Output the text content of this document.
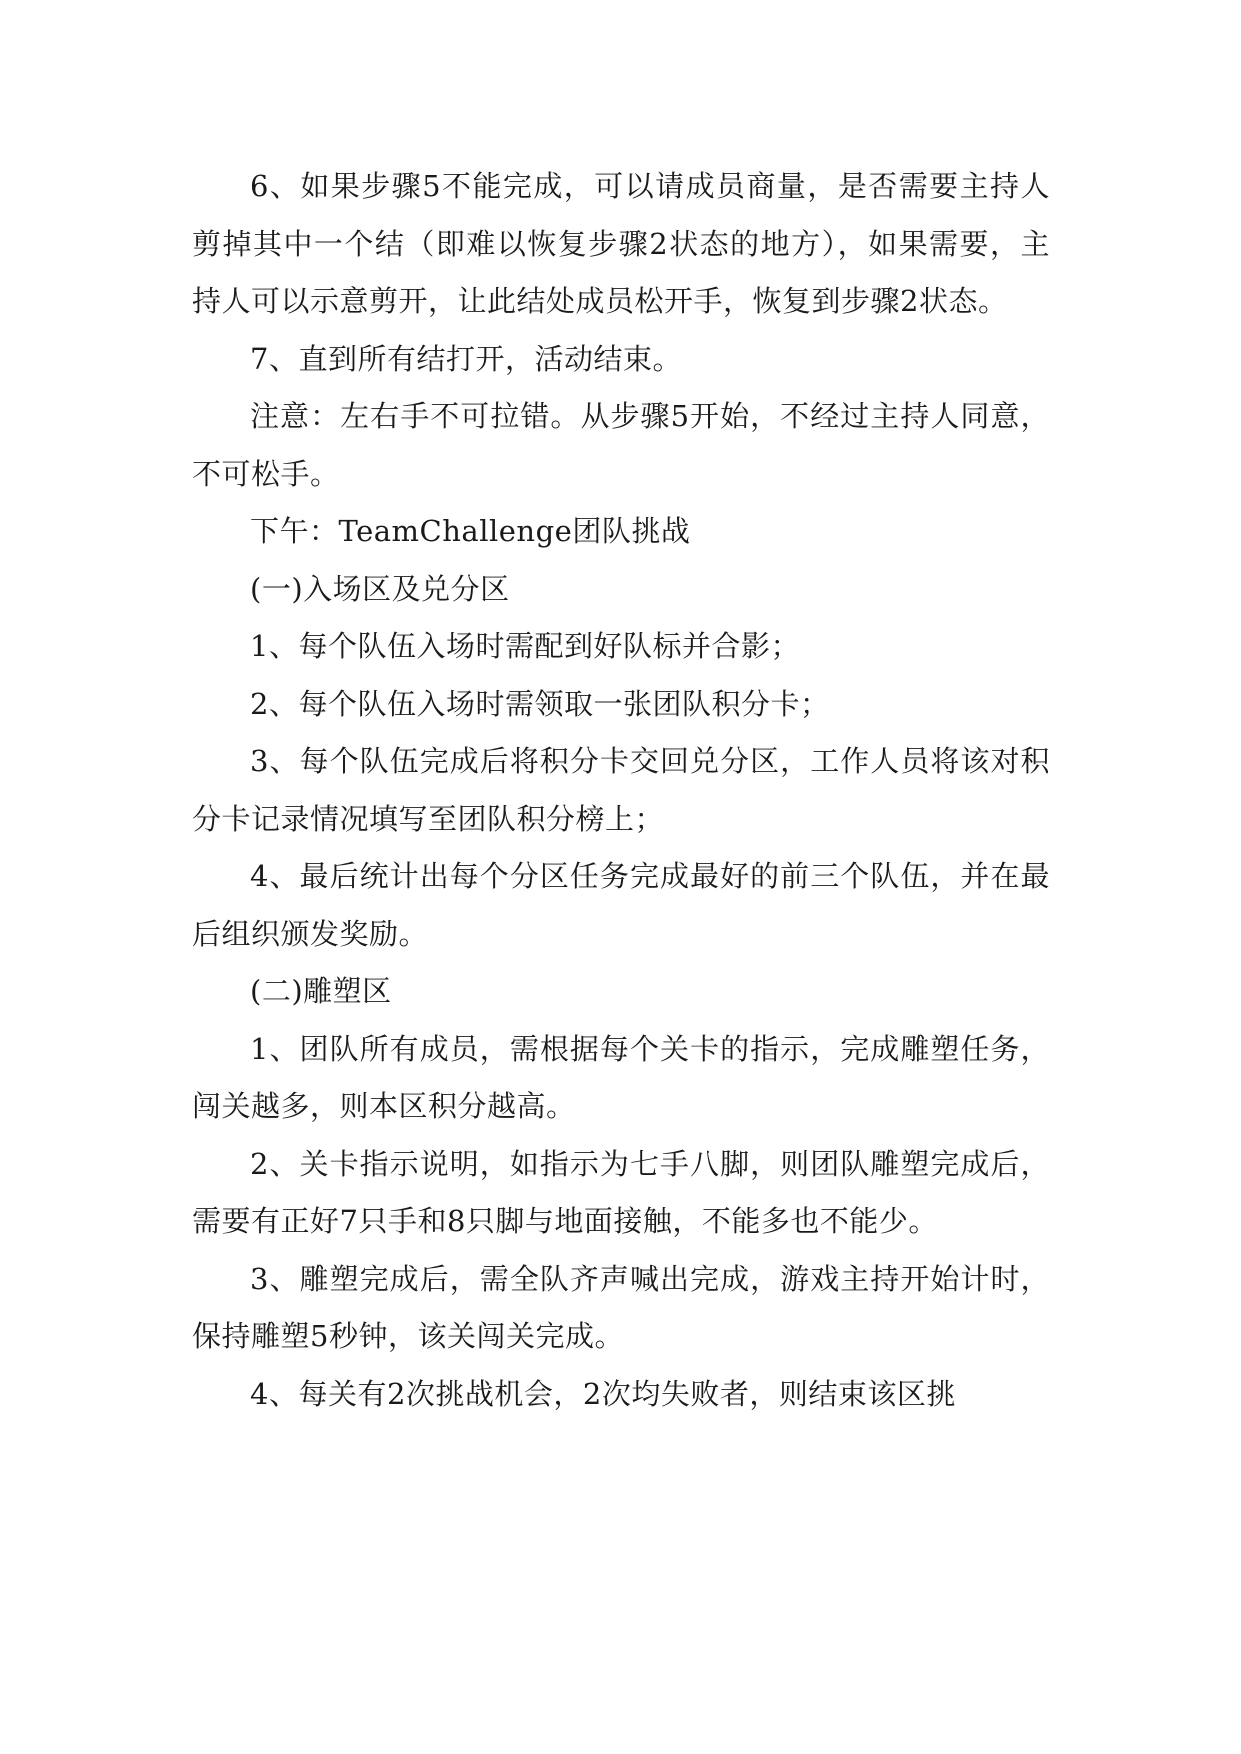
6、如果步骤5不能完成，可以请成员商量，是否需要主持人剪掉其中一个结（即难以恢复步骤2状态的地方），如果需要，主持人可以示意剪开，让此结处成员松开手，恢复到步骤2状态。

7、直到所有结打开，活动结束。

注意：左右手不可拉错。从步骤5开始，不经过主持人同意，不可松手。

下午：TeamChallenge团队挑战

(一)入场区及兑分区

1、每个队伍入场时需配到好队标并合影；

2、每个队伍入场时需领取一张团队积分卡；

3、每个队伍完成后将积分卡交回兑分区，工作人员将该对积分卡记录情况填写至团队积分榜上；

4、最后统计出每个分区任务完成最好的前三个队伍，并在最后组织颁发奖励。

(二)雕塑区

1、团队所有成员，需根据每个关卡的指示，完成雕塑任务，闯关越多，则本区积分越高。

2、关卡指示说明，如指示为七手八脚，则团队雕塑完成后，需要有正好7只手和8只脚与地面接触，不能多也不能少。

3、雕塑完成后，需全队齐声喊出完成，游戏主持开始计时，保持雕塑5秒钟，该关闯关完成。

4、每关有2次挑战机会，2次均失败者，则结束该区挑
